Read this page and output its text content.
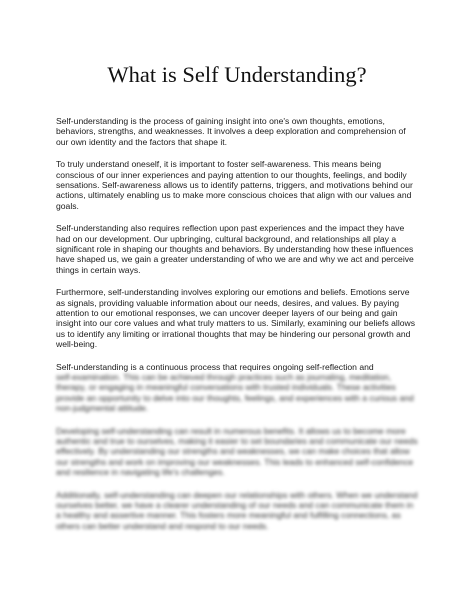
What is Self Understanding?

Self-understanding is the process of gaining insight into one's own thoughts, emotions, behaviors, strengths, and weaknesses. It involves a deep exploration and comprehension of our own identity and the factors that shape it.

To truly understand oneself, it is important to foster self-awareness. This means being conscious of our inner experiences and paying attention to our thoughts, feelings, and bodily sensations. Self-awareness allows us to identify patterns, triggers, and motivations behind our actions, ultimately enabling us to make more conscious choices that align with our values and goals.

Self-understanding also requires reflection upon past experiences and the impact they have had on our development. Our upbringing, cultural background, and relationships all play a significant role in shaping our thoughts and behaviors. By understanding how these influences have shaped us, we gain a greater understanding of who we are and why we act and perceive things in certain ways.

Furthermore, self-understanding involves exploring our emotions and beliefs. Emotions serve as signals, providing valuable information about our needs, desires, and values. By paying attention to our emotional responses, we can uncover deeper layers of our being and gain insight into our core values and what truly matters to us. Similarly, examining our beliefs allows us to identify any limiting or irrational thoughts that may be hindering our personal growth and well-being.

Self-understanding is a continuous process that requires ongoing self-reflection and

self-examination. This can be achieved through practices such as journaling, meditation, therapy, or engaging in meaningful conversations with trusted individuals. These activities provide an opportunity to delve into our thoughts, feelings, and experiences with a curious and non-judgmental attitude.

Developing self-understanding can result in numerous benefits. It allows us to become more authentic and true to ourselves, making it easier to set boundaries and communicate our needs effectively. By understanding our strengths and weaknesses, we can make choices that allow our strengths and work on improving our weaknesses. This leads to enhanced self-confidence and resilience in navigating life's challenges.

Additionally, self-understanding can deepen our relationships with others. When we understand ourselves better, we have a clearer understanding of our needs and can communicate them in a healthy and assertive manner. This fosters more meaningful and fulfilling connections, as others can better understand and respond to our needs.
